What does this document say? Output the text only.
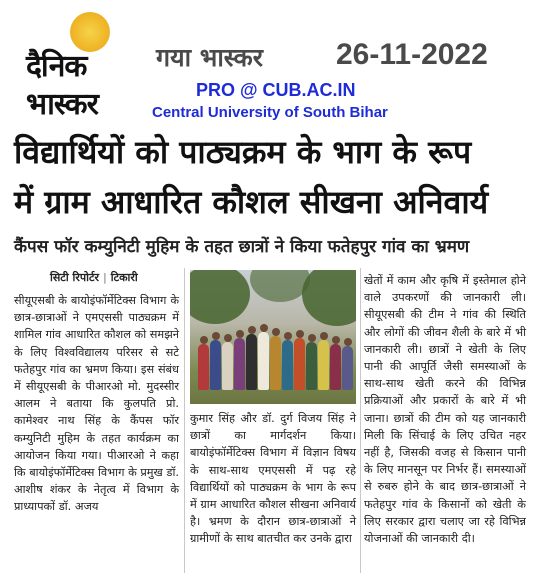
दैनिक
भास्कर
गया भास्कर 26-11-2022
PRO @ CUB.AC.IN
Central University of South Bihar
विद्यार्थियों को पाठ्यक्रम के भाग के रूप
में ग्राम आधारित कौशल सीखना अनिवार्य
कैंपस फॉर कम्युनिटी मुहिम के तहत छात्रों ने किया फतेहपुर गांव का भ्रमण
सिटी रिपोर्टर | टिकारी
सीयूएसबी के बायोइंफॉर्मेटिक्स विभाग के छात्र-छात्राओं ने एमएससी पाठ्यक्रम में शामिल गांव आधारित कौशल को समझने के लिए विश्वविद्यालय परिसर से सटे फतेहपुर गांव का भ्रमण किया। इस संबंध में सीयूएसबी के पीआरओ मो. मुदस्सीर आलम ने बताया कि कुलपति प्रो. कामेश्वर नाथ सिंह के कैंपस फॉर कम्युनिटी मुहिम के तहत कार्यक्रम का आयोजन किया गया। पीआरओ ने कहा कि बायोइंफॉर्मेटिक्स विभाग के प्रमुख डॉ. आशीष शंकर के नेतृत्व में विभाग के प्राध्यापकों डॉ. अजय
कुमार सिंह और डॉ. दुर्ग विजय सिंह ने छात्रों का मार्गदर्शन किया। बायोइंफॉर्मेटिक्स विभाग में विज्ञान विषय के साथ-साथ एमएससी में पढ़ रहे विद्यार्थियों को पाठ्यक्रम के भाग के रूप में ग्राम आधारित कौशल सीखना अनिवार्य है। भ्रमण के दौरान छात्र-छात्राओं ने ग्रामीणों के साथ बातचीत कर उनके द्वारा
खेतों में काम और कृषि में इस्तेमाल होने वाले उपकरणों की जानकारी ली। सीयूएसबी की टीम ने गांव की स्थिति और लोगों की जीवन शैली के बारे में भी जानकारी ली। छात्रों ने खेती के लिए पानी की आपूर्ति जैसी समस्याओं के साथ-साथ खेती करने की विभिन्न प्रक्रियाओं और प्रकारों के बारे में भी जाना। छात्रों की टीम को यह जानकारी मिली कि सिंचाई के लिए उचित नहर नहीं है, जिसकी वजह से किसान पानी के लिए मानसून पर निर्भर हैं। समस्याओं से रुबरु होने के बाद छात्र-छात्राओं ने फतेहपुर गांव के किसानों को खेती के लिए सरकार द्वारा चलाए जा रहे विभिन्न योजनाओं की जानकारी दी।
